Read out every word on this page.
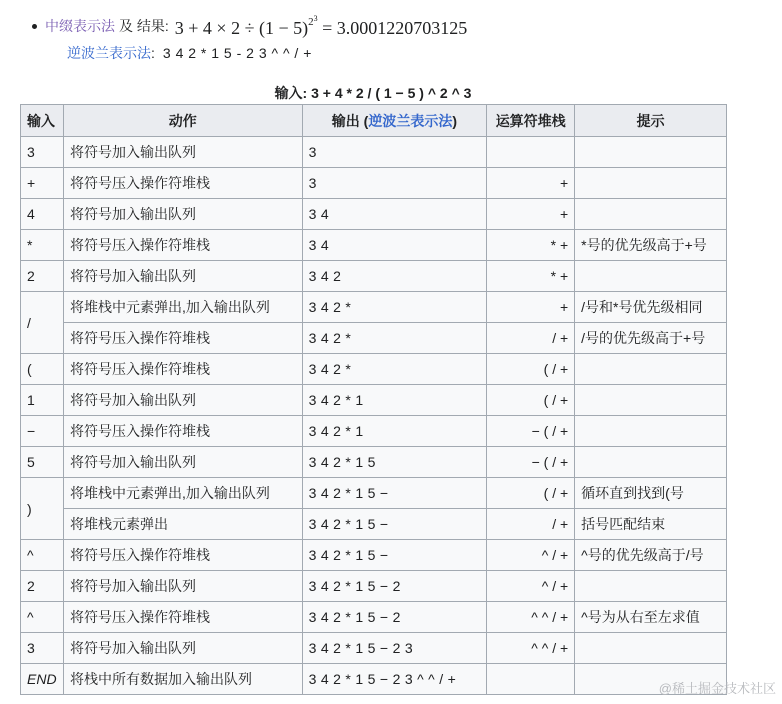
中缀表示法 及 结果: $3 + 4 \times 2 \div (1 - 5)^{2^3} = 3.0001220703125$
逆波兰表示法 : 3 4 2 * 1 5 - 2 3 ^ ^ / +
输入: 3 + 4 * 2 / ( 1 − 5 ) ^ 2 ^ 3
输入	动作	输出 (逆波兰表示法)	运算符堆栈	提示
3	将符号加入输出队列	3		
+	将符号压入操作符堆栈	3	+	
4	将符号加入输出队列	3 4	+	
*	将符号压入操作符堆栈	3 4	* +	*号的优先级高于+号
2	将符号加入输出队列	3 4 2	* +	
/	将堆栈中元素弹出,加入输出队列	3 4 2 *	+	/号和*号优先级相同
	将符号压入操作符堆栈	3 4 2 *	/ +	/号的优先级高于+号
(	将符号压入操作符堆栈	3 4 2 *	( / +	
1	将符号加入输出队列	3 4 2 * 1	( / +	
−	将符号压入操作符堆栈	3 4 2 * 1	− ( / +	
5	将符号加入输出队列	3 4 2 * 1 5	− ( / +	
)	将堆栈中元素弹出,加入输出队列	3 4 2 * 1 5 −	( / +	循环直到找到(号
	将堆栈元素弹出	3 4 2 * 1 5 −	/ +	括号匹配结束
^	将符号压入操作符堆栈	3 4 2 * 1 5 −	^ / +	^号的优先级高于/号
2	将符号加入输出队列	3 4 2 * 1 5 − 2	^ / +	
^	将符号压入操作符堆栈	3 4 2 * 1 5 − 2	^ ^ / +	^号为从右至左求值
3	将符号加入输出队列	3 4 2 * 1 5 − 2 3	^ ^ / +	
END	将栈中所有数据加入输出队列	3 4 2 * 1 5 − 2 3 ^ ^ / +		
@稀土掘金技术社区
